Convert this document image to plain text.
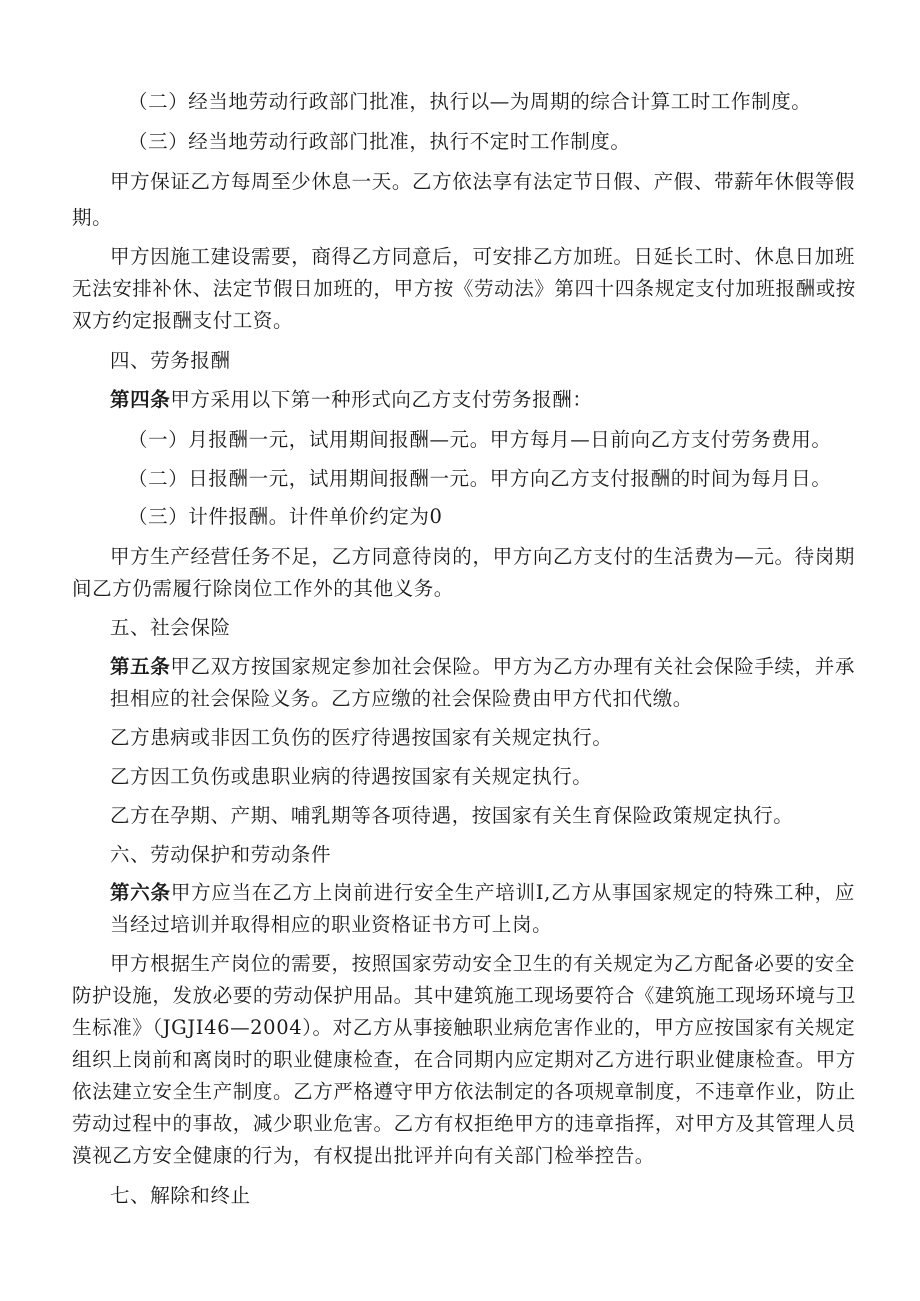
（二）经当地劳动行政部门批准，执行以—为周期的综合计算工时工作制度。
（三）经当地劳动行政部门批准，执行不定时工作制度。
甲方保证乙方每周至少休息一天。乙方依法享有法定节日假、产假、带薪年休假等假
期。
甲方因施工建设需要，商得乙方同意后，可安排乙方加班。日延长工时、休息日加班
无法安排补休、法定节假日加班的，甲方按《劳动法》第四十四条规定支付加班报酬或按
双方约定报酬支付工资。
四、劳务报酬
第四条甲方采用以下第一种形式向乙方支付劳务报酬：
（一）月报酬一元，试用期间报酬—元。甲方每月—日前向乙方支付劳务费用。
（二）日报酬一元，试用期间报酬一元。甲方向乙方支付报酬的时间为每月日。
（三）计件报酬。计件单价约定为0
甲方生产经营任务不足，乙方同意待岗的，甲方向乙方支付的生活费为—元。待岗期
间乙方仍需履行除岗位工作外的其他义务。
五、社会保险
第五条甲乙双方按国家规定参加社会保险。甲方为乙方办理有关社会保险手续，并承
担相应的社会保险义务。乙方应缴的社会保险费由甲方代扣代缴。
乙方患病或非因工负伤的医疗待遇按国家有关规定执行。
乙方因工负伤或患职业病的待遇按国家有关规定执行。
乙方在孕期、产期、哺乳期等各项待遇，按国家有关生育保险政策规定执行。
六、劳动保护和劳动条件
第六条甲方应当在乙方上岗前进行安全生产培训I,乙方从事国家规定的特殊工种，应
当经过培训并取得相应的职业资格证书方可上岗。
甲方根据生产岗位的需要，按照国家劳动安全卫生的有关规定为乙方配备必要的安全
防护设施，发放必要的劳动保护用品。其中建筑施工现场要符合《建筑施工现场环境与卫
生标准》（JGJI46—2004）。对乙方从事接触职业病危害作业的，甲方应按国家有关规定
组织上岗前和离岗时的职业健康检查，在合同期内应定期对乙方进行职业健康检查。甲方
依法建立安全生产制度。乙方严格遵守甲方依法制定的各项规章制度，不违章作业，防止
劳动过程中的事故，减少职业危害。乙方有权拒绝甲方的违章指挥，对甲方及其管理人员
漠视乙方安全健康的行为，有权提出批评并向有关部门检举控告。
七、解除和终止
